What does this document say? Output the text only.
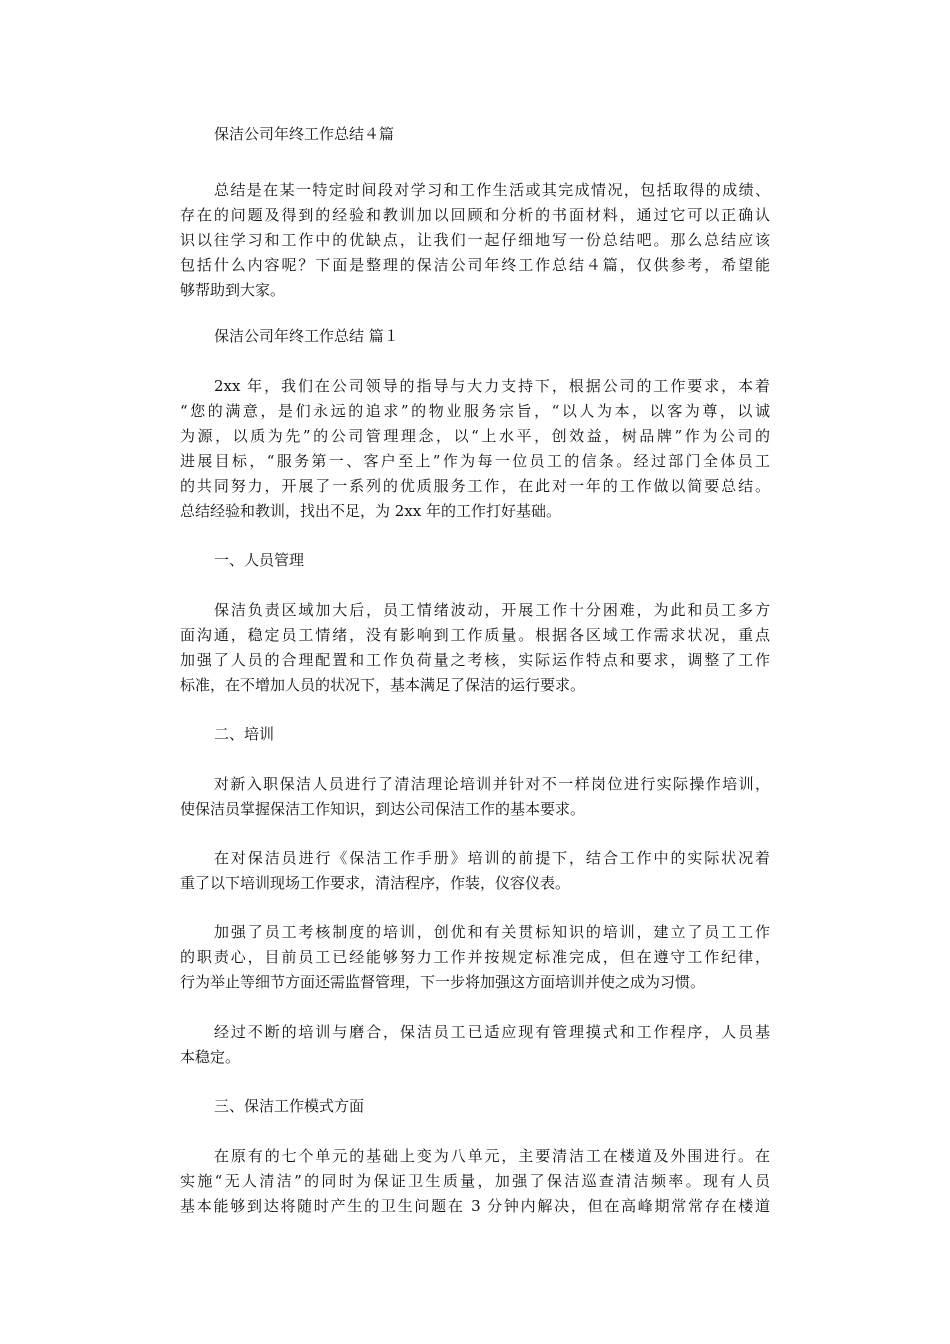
保洁公司年终工作总结４篇
总结是在某一特定时间段对学习和工作生活或其完成情况，包括取得的成绩、
存在的问题及得到的经验和教训加以回顾和分析的书面材料，通过它可以正确认
识以往学习和工作中的优缺点，让我们一起仔细地写一份总结吧。那么总结应该
包括什么内容呢？下面是整理的保洁公司年终工作总结４篇，仅供参考，希望能
够帮助到大家。
保洁公司年终工作总结 篇１
2xx 年，我们在公司领导的指导与大力支持下，根据公司的工作要求，本着
“您的满意，是们永远的追求”的物业服务宗旨，“以人为本，以客为尊，以诚
为源，以质为先”的公司管理理念，以“上水平，创效益，树品牌”作为公司的
进展目标，“服务第一、客户至上”作为每一位员工的信条。经过部门全体员工
的共同努力，开展了一系列的优质服务工作，在此对一年的工作做以简要总结。
总结经验和教训，找出不足，为 2xx 年的工作打好基础。
一、人员管理
保洁负责区域加大后，员工情绪波动，开展工作十分困难，为此和员工多方
面沟通，稳定员工情绪，没有影响到工作质量。根据各区域工作需求状况，重点
加强了人员的合理配置和工作负荷量之考核，实际运作特点和要求，调整了工作
标准，在不增加人员的状况下，基本满足了保洁的运行要求。
二、培训
对新入职保洁人员进行了清洁理论培训并针对不一样岗位进行实际操作培训，
使保洁员掌握保洁工作知识，到达公司保洁工作的基本要求。
在对保洁员进行《保洁工作手册》培训的前提下，结合工作中的实际状况着
重了以下培训现场工作要求，清洁程序，作装，仪容仪表。
加强了员工考核制度的培训，创优和有关贯标知识的培训，建立了员工工作
的职责心，目前员工已经能够努力工作并按规定标准完成，但在遵守工作纪律，
行为举止等细节方面还需监督管理，下一步将加强这方面培训并使之成为习惯。
经过不断的培训与磨合，保洁员工已适应现有管理摸式和工作程序，人员基
本稳定。
三、保洁工作模式方面
在原有的七个单元的基础上变为八单元，主要清洁工在楼道及外围进行。在
实施“无人清洁”的同时为保证卫生质量，加强了保洁巡查清洁频率。现有人员
基本能够到达将随时产生的卫生问题在 3 分钟内解决，但在高峰期常常存在楼道
